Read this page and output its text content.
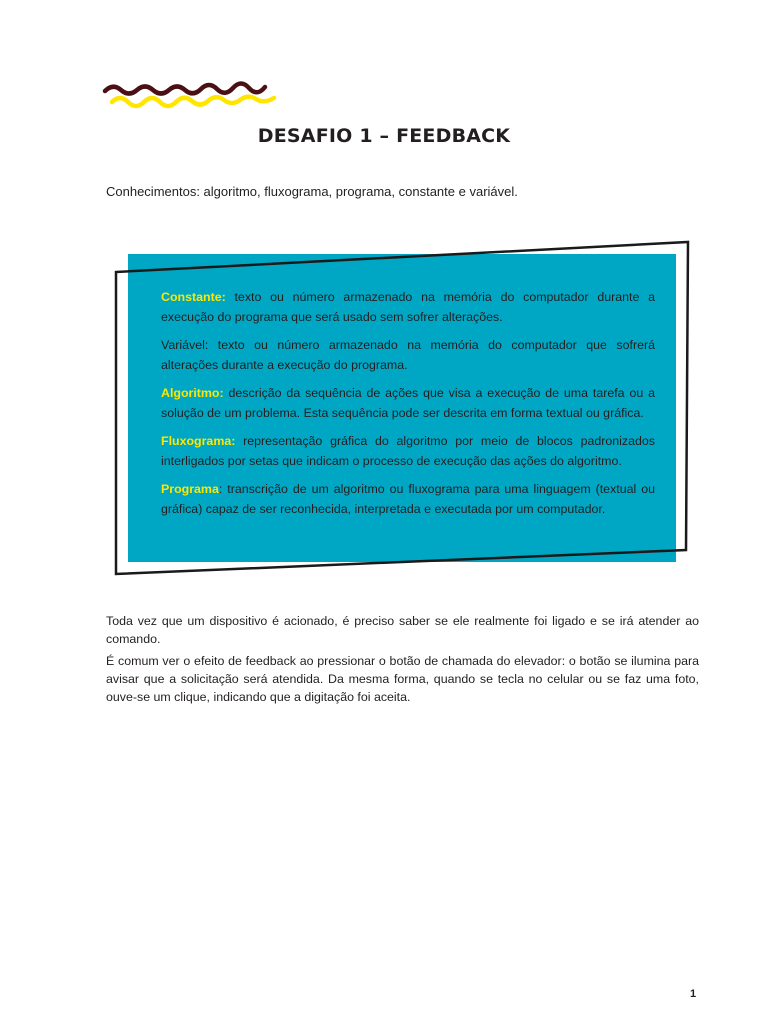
DESAFIO 1 – FEEDBACK

Conhecimentos: algoritmo, fluxograma, programa, constante e variável.

Constante: texto ou número armazenado na memória do computador durante a execução do programa que será usado sem sofrer alterações.

Variável: texto ou número armazenado na memória do computador que sofrerá alterações durante a execução do programa.

Algoritmo: descrição da sequência de ações que visa a execução de uma tarefa ou a solução de um problema. Esta sequência pode ser descrita em forma textual ou gráfica.

Fluxograma: representação gráfica do algoritmo por meio de blocos padronizados interligados por setas que indicam o processo de execução das ações do algoritmo.

Programa: transcrição de um algoritmo ou fluxograma para uma linguagem (textual ou gráfica) capaz de ser reconhecida, interpretada e executada por um computador.

Toda vez que um dispositivo é acionado, é preciso saber se ele realmente foi ligado e se irá atender ao comando.

É comum ver o efeito de feedback ao pressionar o botão de chamada do elevador: o botão se ilumina para avisar que a solicitação será atendida. Da mesma forma, quando se tecla no celular ou se faz uma foto, ouve-se um clique, indicando que a digitação foi aceita.

1
